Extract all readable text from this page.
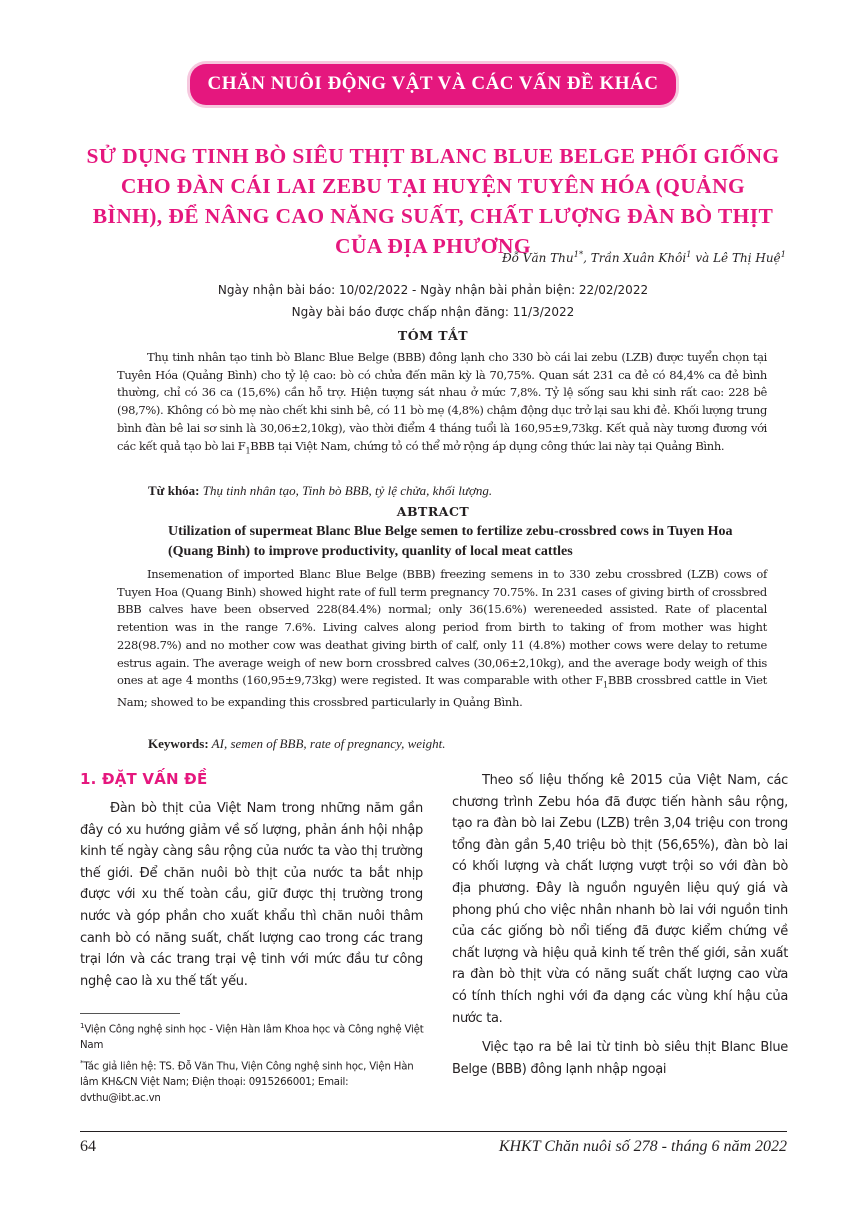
CHĂN NUÔI ĐỘNG VẬT VÀ CÁC VẤN ĐỀ KHÁC
SỬ DỤNG TINH BÒ SIÊU THỊT BLANC BLUE BELGE PHỐI GIỐNG CHO ĐÀN CÁI LAI ZEBU TẠI HUYỆN TUYÊN HÓA (QUẢNG BÌNH), ĐỂ NÂNG CAO NĂNG SUẤT, CHẤT LƯỢNG ĐÀN BÒ THỊT CỦA ĐỊA PHƯƠNG
Đỗ Văn Thu$^{1*}$, Trần Xuân Khôi$^1$ và Lê Thị Huệ$^1$
Ngày nhận bài báo: 10/02/2022 - Ngày nhận bài phản biện: 22/02/2022
Ngày bài báo được chấp nhận đăng: 11/3/2022
TÓM TẮT

Thụ tinh nhân tạo tinh bò Blanc Blue Belge (BBB) đông lạnh cho 330 bò cái lai zebu (LZB) được tuyển chọn tại Tuyên Hóa (Quảng Bình) cho tỷ lệ cao: bò có chửa đến mãn kỳ là 70,75%. Quan sát 231 ca đẻ có 84,4% ca đẻ bình thường, chỉ có 36 ca (15,6%) cần hỗ trợ. Hiện tượng sát nhau ở mức 7,8%. Tỷ lệ sống sau khi sinh rất cao: 228 bê (98,7%). Không có bò mẹ nào chết khi sinh bê, có 11 bò mẹ (4,8%) chậm động dục trở lại sau khi đẻ. Khối lượng trung bình đàn bê lai sơ sinh là 30,06±2,10kg), vào thời điểm 4 tháng tuổi là 160,95±9,73kg. Kết quả này tương đương với các kết quả tạo bò lai $F_1BBB$ tại Việt Nam, chứng tỏ có thể mở rộng áp dụng công thức lai này tại Quảng Bình.

Từ khóa: Thụ tinh nhân tạo, Tinh bò BBB, tỷ lệ chửa, khối lượng.
ABTRACT
Utilization of supermeat Blanc Blue Belge semen to fertilize zebu-crossbred cows in Tuyen Hoa (Quang Binh) to improve productivity, quanlity of local meat cattles

Insemenation of imported Blanc Blue Belge (BBB) freezing semens in to 330 zebu crossbred (LZB) cows of Tuyen Hoa (Quang Binh) showed hight rate of full term pregnancy 70.75%. In 231 cases of giving birth of crossbred BBB calves have been observed 228(84.4%) normal; only 36(15.6%) wereneeded assisted. Rate of placental retention was in the range 7.6%. Living calves along period from birth to taking of from mother was hight 228(98.7%) and no mother cow was deathat giving birth of calf, only 11 (4.8%) mother cows were delay to retume estrus again. The average weigh of new born crossbred calves (30,06±2,10kg), and the average body weigh of this ones at age 4 months (160,95±9,73kg) were registed. It was comparable with other $F_1BBB$ crossbred cattle in Viet Nam; showed to be expanding this crossbred particularly in Quảng Bình.

Keywords: AI, semen of BBB, rate of pregnancy, weight.
1. ĐẶT VẤN ĐỀ

Đàn bò thịt của Việt Nam trong những năm gần đây có xu hướng giảm về số lượng, phản ánh hội nhập kinh tế ngày càng sâu rộng của nước ta vào thị trường thế giới. Để chăn nuôi bò thịt của nước ta bắt nhịp được với xu thế toàn cầu, giữ được thị trường trong nước và góp phần cho xuất khẩu thì chăn nuôi thâm canh bò có năng suất, chất lượng cao trong các trang trại lớn và các trang trại vệ tinh với mức đầu tư công nghệ cao là xu thế tất yếu.

Theo số liệu thống kê 2015 của Việt Nam, các chương trình Zebu hóa đã được tiến hành sâu rộng, tạo ra đàn bò lai Zebu (LZB) trên 3,04 triệu con trong tổng đàn gần 5,40 triệu bò thịt (56,65%), đàn bò lai có khối lượng và chất lượng vượt trội so với đàn bò địa phương. Đây là nguồn nguyên liệu quý giá và phong phú cho việc nhân nhanh bò lai với nguồn tinh của các giống bò nổi tiếng đã được kiểm chứng về chất lượng và hiệu quả kinh tế trên thế giới, sản xuất ra đàn bò thịt vừa có năng suất chất lượng cao vừa có tính thích nghi với đa dạng các vùng khí hậu của nước ta.

Việc tạo ra bê lai từ tinh bò siêu thịt Blanc Blue Belge (BBB) đông lạnh nhập ngoại

$^1$Viện Công nghệ sinh học - Viện Hàn lâm Khoa học và Công nghệ Việt Nam

*Tác giả liên hệ: TS. Đỗ Văn Thu, Viện Công nghệ sinh học, Viện Hàn lâm KH&CN Việt Nam; Điện thoại: 0915266001; Email: dvthu@ibt.ac.vn

64	KHKT Chăn nuôi số 278 - tháng 6 năm 2022
